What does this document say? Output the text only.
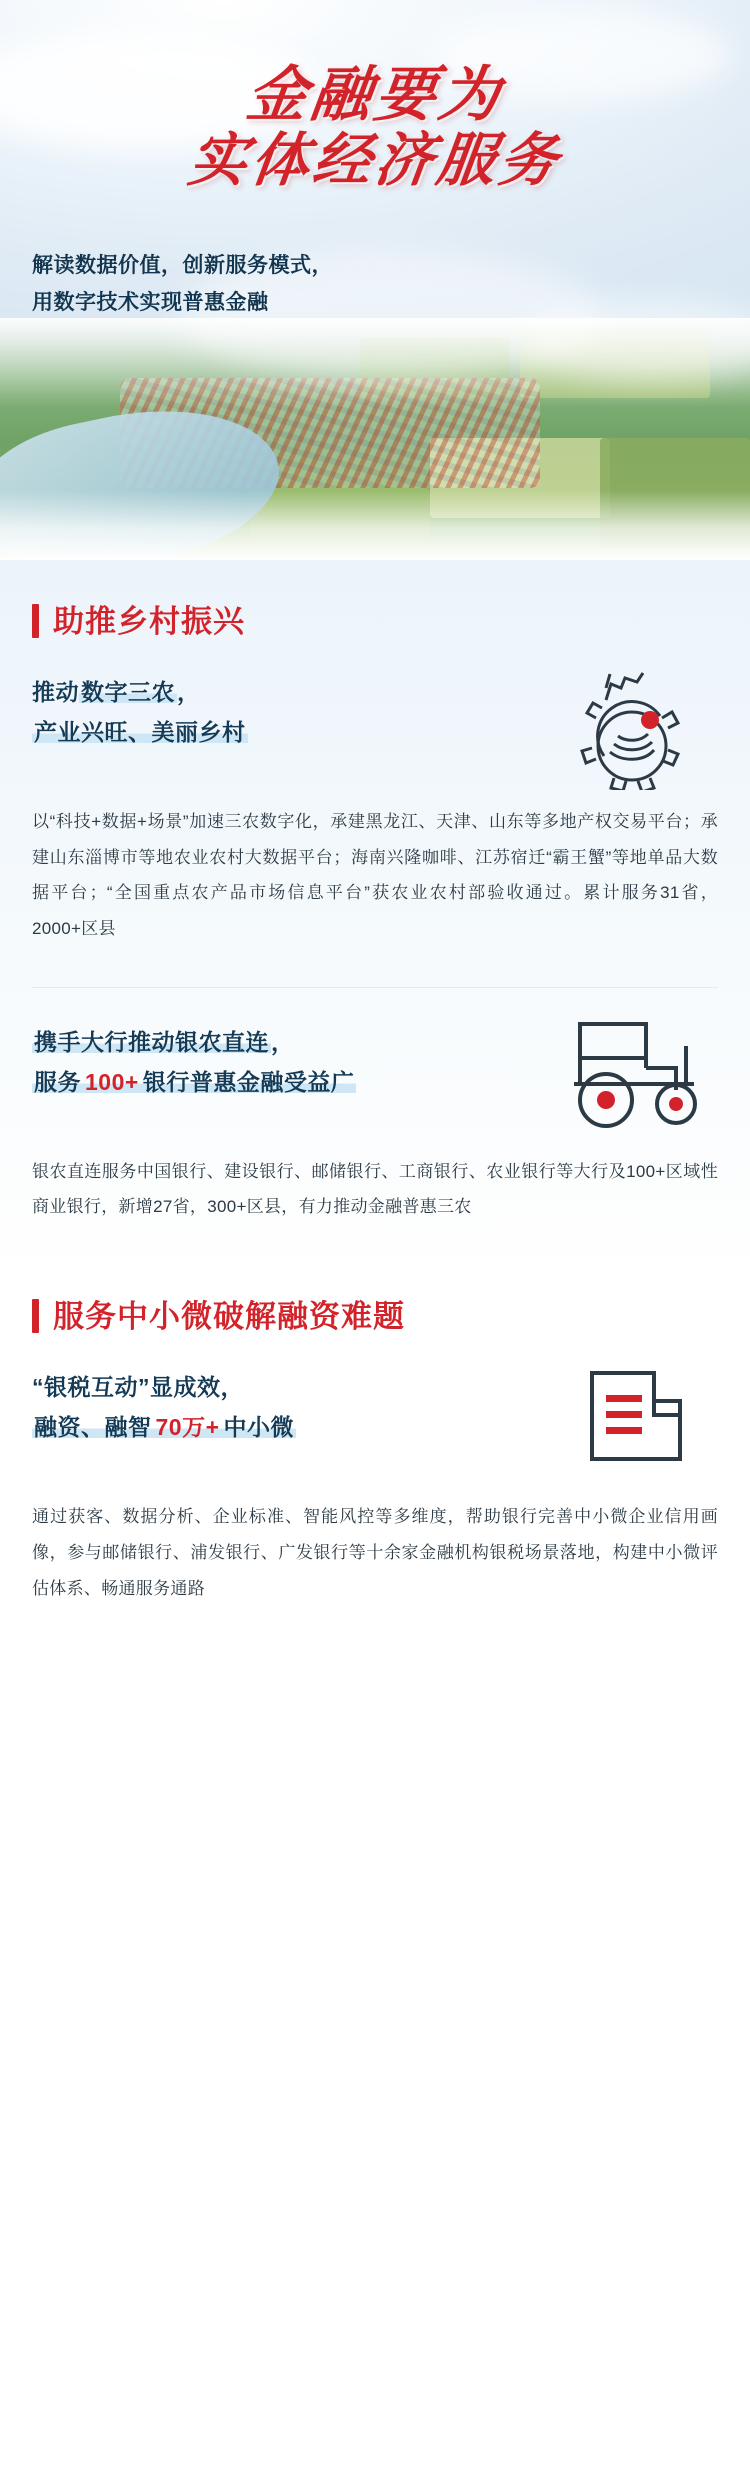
金融要为
实体经济服务
解读数据价值，创新服务模式，
用数字技术实现普惠金融
助推乡村振兴
推动数字三农，
产业兴旺、美丽乡村
以“科技+数据+场景”加速三农数字化，承建黑龙江、天津、山东等多地产权交易平台；承建山东淄博市等地农业农村大数据平台；海南兴隆咖啡、江苏宿迁“霸王蟹”等地单品大数据平台；“全国重点农产品市场信息平台”获农业农村部验收通过。累计服务31省，2000+区县
携手大行推动银农直连，
服务 100+ 银行普惠金融受益广
银农直连服务中国银行、建设银行、邮储银行、工商银行、农业银行等大行及100+区域性商业银行，新增27省，300+区县，有力推动金融普惠三农
服务中小微破解融资难题
“银税互动”显成效，
融资、融智 70万+ 中小微
通过获客、数据分析、企业标准、智能风控等多维度，帮助银行完善中小微企业信用画像，参与邮储银行、浦发银行、广发银行等十余家金融机构银税场景落地，构建中小微评估体系、畅通服务通路
